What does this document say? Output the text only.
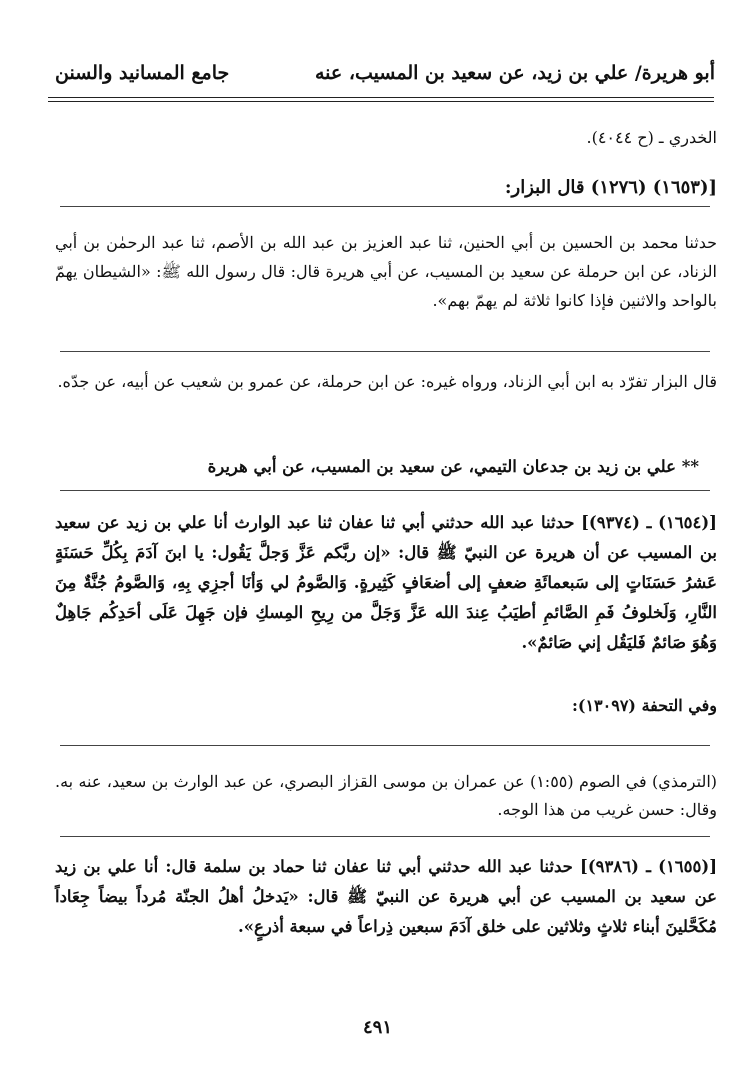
أبو هريرة/ علي بن زيد، عن سعيد بن المسيب، عنه
جامع المسانيد والسنن

الخدري ـ (ح ٤٠٤٤).

[(١٦٥٣) (١٢٧٦) قال البزار:

حدثنا محمد بن الحسين بن أبي الحنين، ثنا عبد العزيز بن عبد الله بن الأصم، ثنا عبد الرحمٰن بن أبي الزناد، عن ابن حرملة عن سعيد بن المسيب، عن أبي هريرة قال: قال رسول الله ﷺ: «الشيطان يهمّ بالواحد والاثنين فإذا كانوا ثلاثة لم يهمّ بهم».

قال البزار تفرّد به ابن أبي الزناد، ورواه غيره: عن ابن حرملة، عن عمرو بن شعيب عن أبيه، عن جدّه.

** علي بن زيد بن جدعان التيمي، عن سعيد بن المسيب، عن أبي هريرة

[(١٦٥٤) ـ (٩٣٧٤)] حدثنا عبد الله حدثني أبي ثنا عفان ثنا عبد الوارث أنا علي بن زيد عن سعيد بن المسيب عن أن هريرة عن النبيّ ﷺ قال: «إن ربَّكم عَزَّ وَجلَّ يَقُول: يا ابنَ آدَمَ بِكُلِّ حَسَنَةٍ عَشرُ حَسَنَاتٍ إلى سَبعمائَةِ ضعفٍ إلى أضعَافٍ كَثِيرةٍ. وَالصَّومُ لي وَأنَا أجزِي بِهِ، وَالصَّومُ جُنَّةٌ مِنَ النَّارِ، وَلَخلوفُ فَمِ الصَّائمِ أطيَبُ عِندَ الله عَزَّ وَجَلَّ من رِيحِ المِسكِ فإن جَهِلَ عَلَى أحَدِكُم جَاهِلٌ وَهُوَ صَائمٌ فَليَقُل إني صَائمٌ».

وفي التحفة (١٣٠٩٧):

(الترمذي) في الصوم (١:٥٥) عن عمران بن موسى القزاز البصري، عن عبد الوارث بن سعيد، عنه به. وقال: حسن غريب من هذا الوجه.

[(١٦٥٥) ـ (٩٣٨٦)] حدثنا عبد الله حدثني أبي ثنا عفان ثنا حماد بن سلمة قال: أنا علي بن زيد عن سعيد بن المسيب عن أبي هريرة عن النبيّ ﷺ قال: «يَدخلُ أهلُ الجنّة مُرداً بيضاً جِعَاداً مُكَحَّلينَ أبناء ثلاثٍ وثلاثين على خلق آدَمَ سبعين ذِراعاً في سبعة أذرعٍ».

٤٩١
